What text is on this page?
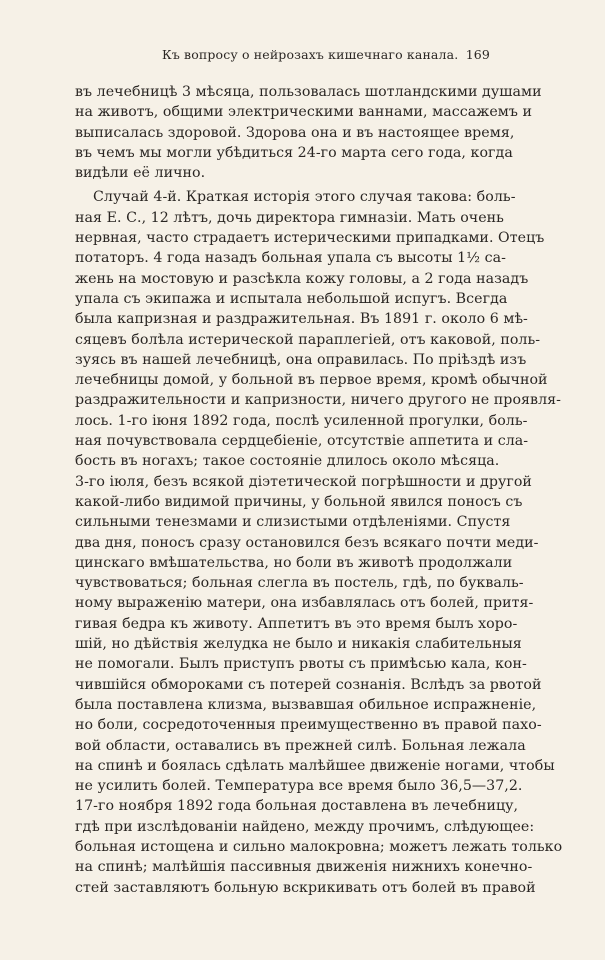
Къ вопросу о нейрозахъ кишечнаго канала. 169
въ лечебницѣ 3 мѣсяца, пользовалась шотландскими душами
на животъ, общими электрическими ваннами, массажемъ и
выписалась здоровой. Здорова она и въ настоящее время,
въ чемъ мы могли убѣдиться 24-го марта сего года, когда
видѣли её лично.
Случай 4-й. Краткая исторія этого случая такова: боль-
ная Е. С., 12 лѣтъ, дочь директора гимназіи. Мать очень
нервная, часто страдаетъ истерическими припадками. Отецъ
потаторъ. 4 года назадъ больная упала съ высоты 1½ са-
жень на мостовую и разсѣкла кожу головы, а 2 года назадъ
упала съ экипажа и испытала небольшой испугъ. Всегда
была капризная и раздражительная. Въ 1891 г. около 6 мѣ-
сяцевъ болѣла истерической параплегіей, отъ каковой, поль-
зуясь въ нашей лечебницѣ, она оправилась. По пріѣздѣ изъ
лечебницы домой, у больной въ первое время, кромѣ обычной
раздражительности и капризности, ничего другого не проявля-
лось. 1-го іюня 1892 года, послѣ усиленной прогулки, боль-
ная почувствовала сердцебіеніе, отсутствіе аппетита и сла-
бость въ ногахъ; такое состояніе длилось около мѣсяца.
3-го іюля, безъ всякой діэтетической погрѣшности и другой
какой-либо видимой причины, у больной явился поносъ съ
сильными тенезмами и слизистыми отдѣленіями. Спустя
два дня, поносъ сразу остановился безъ всякаго почти меди-
цинскаго вмѣшательства, но боли въ животѣ продолжали
чувствоваться; больная слегла въ постель, гдѣ, по букваль-
ному выраженію матери, она избавлялась отъ болей, притя-
гивая бедра къ животу. Аппетитъ въ это время былъ хоро-
шій, но дѣйствія желудка не было и никакія слабительныя
не помогали. Былъ приступъ рвоты съ примѣсью кала, кон-
чившійся обмороками съ потерей сознанія. Вслѣдъ за рвотой
была поставлена клизма, вызвавшая обильное испражненіе,
но боли, сосредоточенныя преимущественно въ правой пахо-
вой области, оставались въ прежней силѣ. Больная лежала
на спинѣ и боялась сдѣлать малѣйшее движеніе ногами, чтобы
не усилить болей. Температура все время было 36,5—37,2.
17-го ноября 1892 года больная доставлена въ лечебницу,
гдѣ при изслѣдованіи найдено, между прочимъ, слѣдующее:
больная истощена и сильно малокровна; можетъ лежать только
на спинѣ; малѣйшія пассивныя движенія нижнихъ конечно-
стей заставляютъ больную вскрикивать отъ болей въ правой
